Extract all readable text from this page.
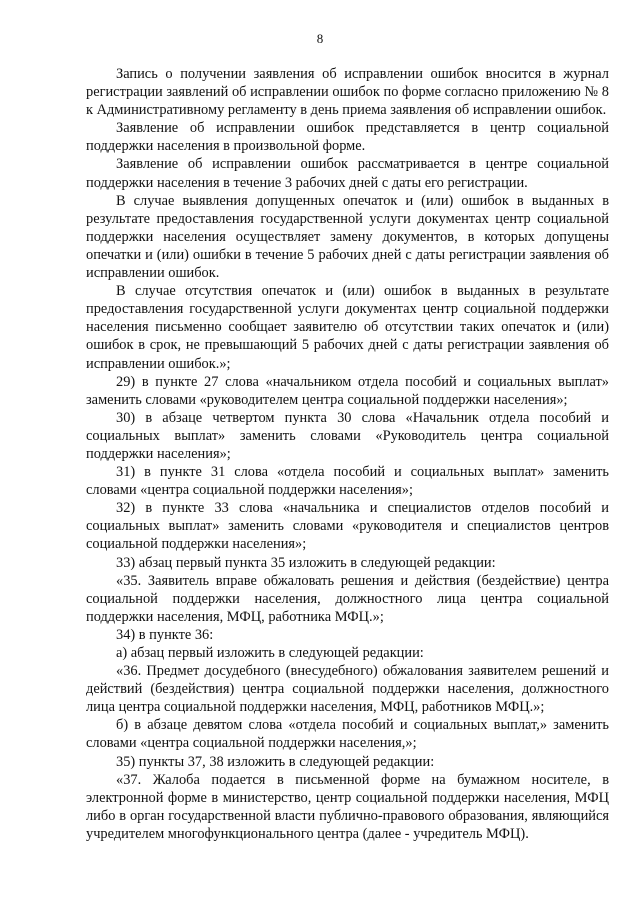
8

Запись о получении заявления об исправлении ошибок вносится в журнал регистрации заявлений об исправлении ошибок по форме согласно приложению № 8 к Административному регламенту в день приема заявления об исправлении ошибок.

Заявление об исправлении ошибок представляется в центр социальной поддержки населения в произвольной форме.

Заявление об исправлении ошибок рассматривается в центре социальной поддержки населения в течение 3 рабочих дней с даты его регистрации.

В случае выявления допущенных опечаток и (или) ошибок в выданных в результате предоставления государственной услуги документах центр социальной поддержки населения осуществляет замену документов, в которых допущены опечатки и (или) ошибки в течение 5 рабочих дней с даты регистрации заявления об исправлении ошибок.

В случае отсутствия опечаток и (или) ошибок в выданных в результате предоставления государственной услуги документах центр социальной поддержки населения письменно сообщает заявителю об отсутствии таких опечаток и (или) ошибок в срок, не превышающий 5 рабочих дней с даты регистрации заявления об исправлении ошибок.»;

29) в пункте 27 слова «начальником отдела пособий и социальных выплат» заменить словами «руководителем центра социальной поддержки населения»;

30) в абзаце четвертом пункта 30 слова «Начальник отдела пособий и социальных выплат» заменить словами «Руководитель центра социальной поддержки населения»;

31) в пункте 31 слова «отдела пособий и социальных выплат» заменить словами «центра социальной поддержки населения»;

32) в пункте 33 слова «начальника и специалистов отделов пособий и социальных выплат» заменить словами «руководителя и специалистов центров социальной поддержки населения»;

33) абзац первый пункта 35 изложить в следующей редакции:

«35. Заявитель вправе обжаловать решения и действия (бездействие) центра социальной поддержки населения, должностного лица центра социальной поддержки населения, МФЦ, работника МФЦ.»;

34) в пункте 36:

а) абзац первый изложить в следующей редакции:

«36. Предмет досудебного (внесудебного) обжалования заявителем решений и действий (бездействия) центра социальной поддержки населения, должностного лица центра социальной поддержки населения, МФЦ, работников МФЦ.»;

б) в абзаце девятом слова «отдела пособий и социальных выплат,» заменить словами «центра социальной поддержки населения,»;

35) пункты 37, 38 изложить в следующей редакции:

«37. Жалоба подается в письменной форме на бумажном носителе, в электронной форме в министерство, центр социальной поддержки населения, МФЦ либо в орган государственной власти публично-правового образования, являющийся учредителем многофункционального центра (далее - учредитель МФЦ).
